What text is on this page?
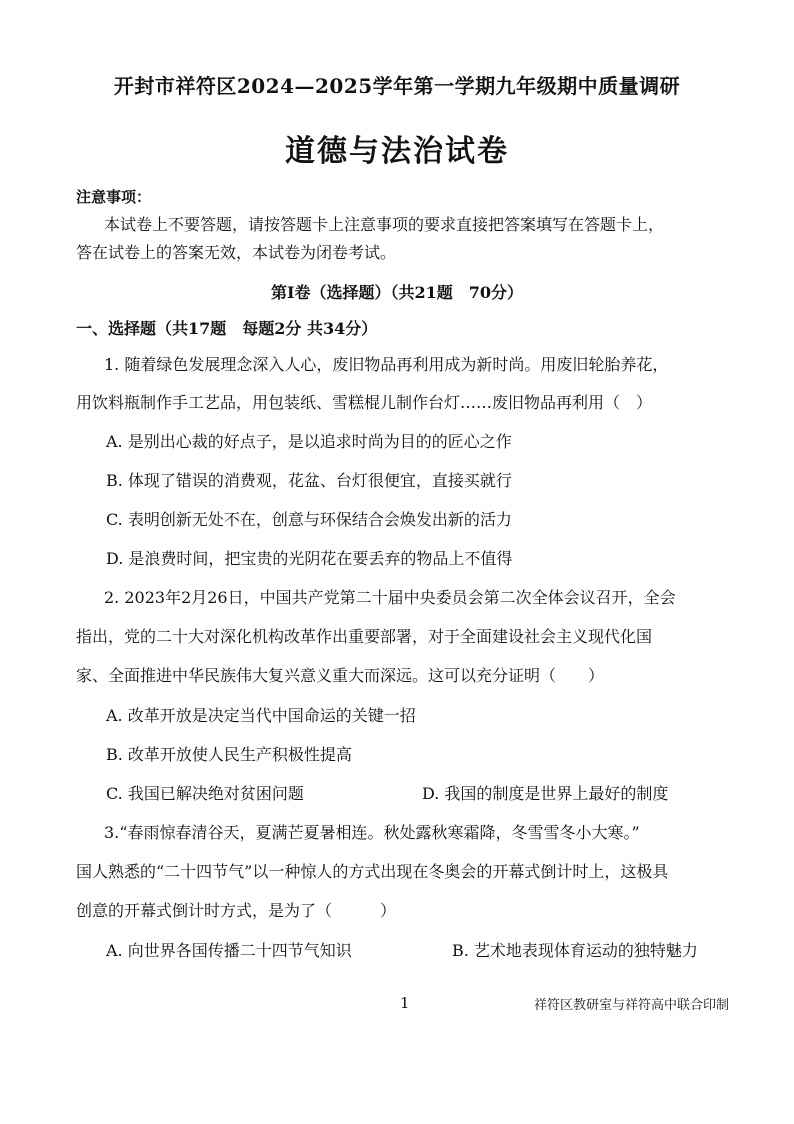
开封市祥符区2024—2025学年第一学期九年级期中质量调研
道德与法治试卷
注意事项：
本试卷上不要答题，请按答题卡上注意事项的要求直接把答案填写在答题卡上，
答在试卷上的答案无效，本试卷为闭卷考试。
第Ⅰ卷（选择题）（共21题　70分）
一、选择题（共17题　每题2分 共34分）
1. 随着绿色发展理念深入人心，废旧物品再利用成为新时尚。用废旧轮胎养花，
用饮料瓶制作手工艺品，用包装纸、雪糕棍儿制作台灯……废旧物品再利用（　）
A. 是别出心裁的好点子，是以追求时尚为目的的匠心之作
B. 体现了错误的消费观，花盆、台灯很便宜，直接买就行
C. 表明创新无处不在，创意与环保结合会焕发出新的活力
D. 是浪费时间，把宝贵的光阴花在要丢弃的物品上不值得
2. 2023年2月26日，中国共产党第二十届中央委员会第二次全体会议召开，全会
指出，党的二十大对深化机构改革作出重要部署，对于全面建设社会主义现代化国
家、全面推进中华民族伟大复兴意义重大而深远。这可以充分证明（　　）
A. 改革开放是决定当代中国命运的关键一招
B. 改革开放使人民生产积极性提高
C. 我国已解决绝对贫困问题	D. 我国的制度是世界上最好的制度
3.“春雨惊春清谷天，夏满芒夏暑相连。秋处露秋寒霜降，冬雪雪冬小大寒。”
国人熟悉的“二十四节气”以一种惊人的方式出现在冬奥会的开幕式倒计时上，这极具
创意的开幕式倒计时方式，是为了（　　　）
A. 向世界各国传播二十四节气知识	B. 艺术地表现体育运动的独特魅力
1	祥符区教研室与祥符高中联合印制
